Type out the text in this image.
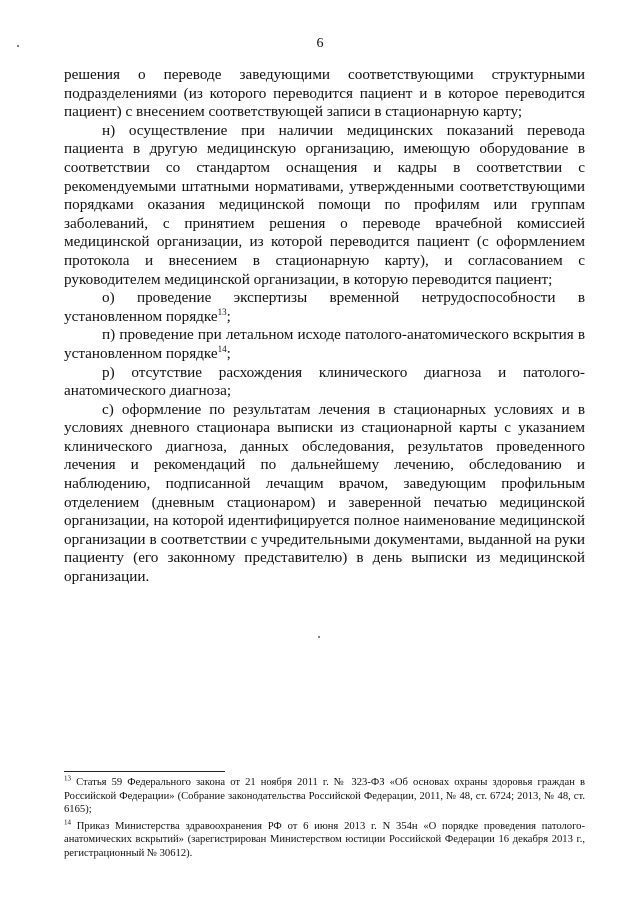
6

решения о переводе заведующими соответствующими структурными подразделениями (из которого переводится пациент и в которое переводится пациент) с внесением соответствующей записи в стационарную карту;

н) осуществление при наличии медицинских показаний перевода пациента в другую медицинскую организацию, имеющую оборудование в соответствии со стандартом оснащения и кадры в соответствии с рекомендуемыми штатными нормативами, утвержденными соответствующими порядками оказания медицинской помощи по профилям или группам заболеваний, с принятием решения о переводе врачебной комиссией медицинской организации, из которой переводится пациент (с оформлением протокола и внесением в стационарную карту), и согласованием с руководителем медицинской организации, в которую переводится пациент;

о) проведение экспертизы временной нетрудоспособности в установленном порядке$^{13}$;

п) проведение при летальном исходе патолого-анатомического вскрытия в установленном порядке$^{14}$;

р) отсутствие расхождения клинического диагноза и патолого-анатомического диагноза;

с) оформление по результатам лечения в стационарных условиях и в условиях дневного стационара выписки из стационарной карты с указанием клинического диагноза, данных обследования, результатов проведенного лечения и рекомендаций по дальнейшему лечению, обследованию и наблюдению, подписанной лечащим врачом, заведующим профильным отделением (дневным стационаром) и заверенной печатью медицинской организации, на которой идентифицируется полное наименование медицинской организации в соответствии с учредительными документами, выданной на руки пациенту (его законному представителю) в день выписки из медицинской организации.

$^{13}$ Статья 59 Федерального закона от 21 ноября 2011 г. № 323-ФЗ «Об основах охраны здоровья граждан в Российской Федерации» (Собрание законодательства Российской Федерации, 2011, № 48, ст. 6724; 2013, № 48, ст. 6165);

$^{14}$ Приказ Министерства здравоохранения РФ от 6 июня 2013 г. N 354н «О порядке проведения патолого-анатомических вскрытий» (зарегистрирован Министерством юстиции Российской Федерации 16 декабря 2013 г., регистрационный № 30612).
